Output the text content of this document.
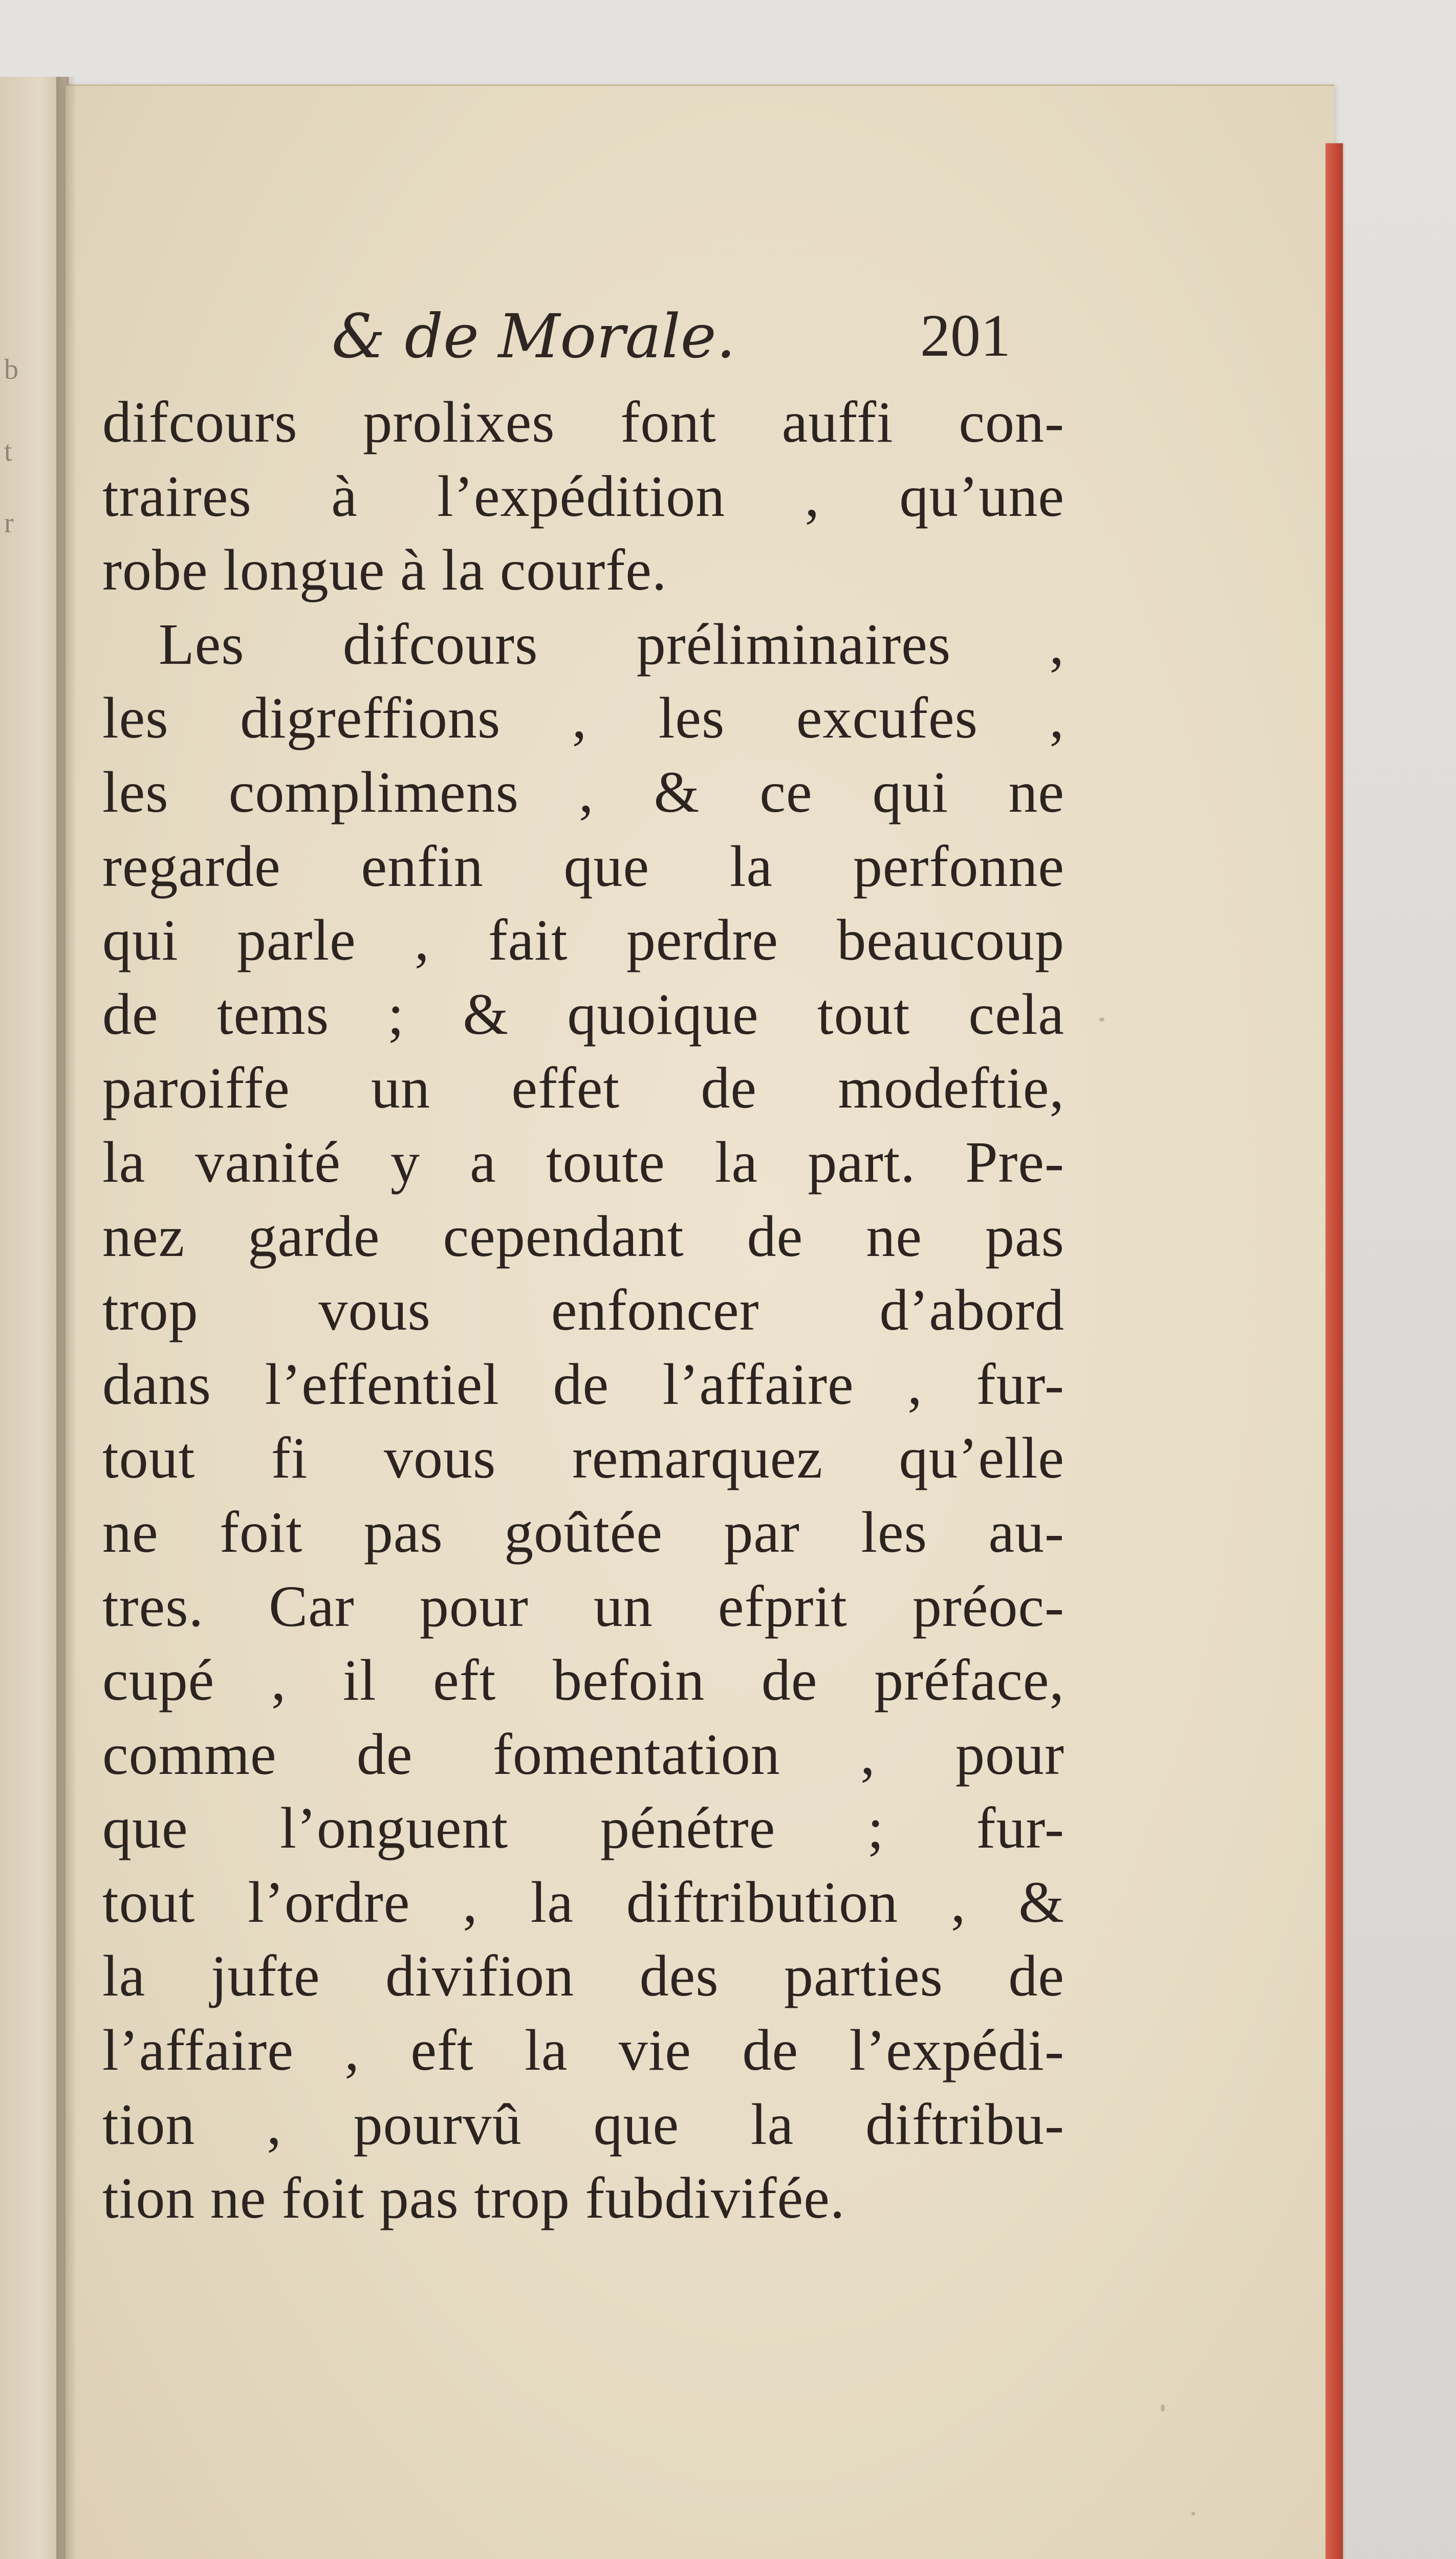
b
t
r
& de Morale.	201
difcours prolixes font auffi con-
traires à l’expédition , qu’une
robe longue à la courfe.
Les difcours préliminaires ,
les digreffions , les excufes ,
les complimens , & ce qui ne
regarde enfin que la perfonne
qui parle , fait perdre beaucoup
de tems ; & quoique tout cela
paroiffe un effet de modeftie,
la vanité y a toute la part. Pre-
nez garde cependant de ne pas
trop vous enfoncer d’abord
dans l’effentiel de l’affaire , fur-
tout fi vous remarquez qu’elle
ne foit pas goûtée par les au-
tres. Car pour un efprit préoc-
cupé , il eft befoin de préface,
comme de fomentation , pour
que l’onguent pénétre ; fur-
tout l’ordre , la diftribution , &
la jufte divifion des parties de
l’affaire , eft la vie de l’expédi-
tion , pourvû que la diftribu-
tion ne foit pas trop fubdivifée.
